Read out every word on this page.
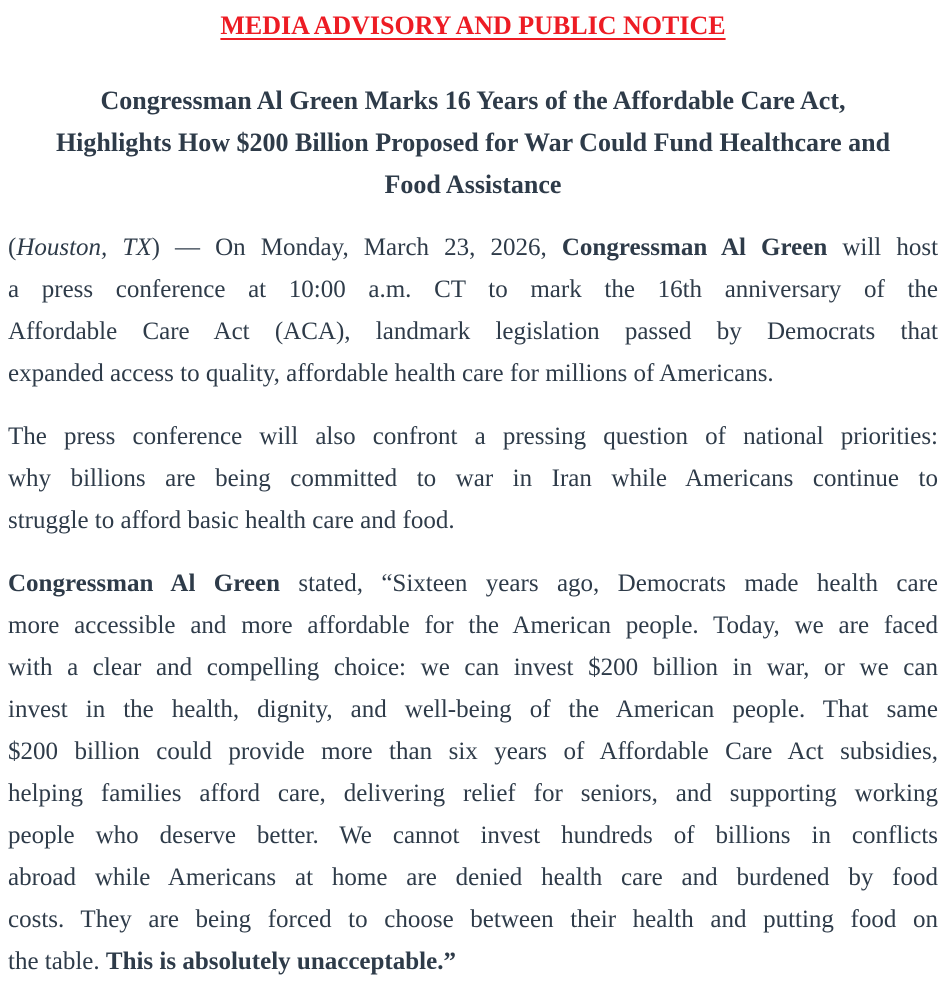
MEDIA ADVISORY AND PUBLIC NOTICE
Congressman Al Green Marks 16 Years of the Affordable Care Act,
Highlights How $200 Billion Proposed for War Could Fund Healthcare and
Food Assistance

(Houston, TX) — On Monday, March 23, 2026, Congressman Al Green will host
a press conference at 10:00 a.m. CT to mark the 16th anniversary of the
Affordable Care Act (ACA), landmark legislation passed by Democrats that
expanded access to quality, affordable health care for millions of Americans.

The press conference will also confront a pressing question of national priorities:
why billions are being committed to war in Iran while Americans continue to
struggle to afford basic health care and food.

Congressman Al Green stated, “Sixteen years ago, Democrats made health care
more accessible and more affordable for the American people. Today, we are faced
with a clear and compelling choice: we can invest $200 billion in war, or we can
invest in the health, dignity, and well-being of the American people. That same
$200 billion could provide more than six years of Affordable Care Act subsidies,
helping families afford care, delivering relief for seniors, and supporting working
people who deserve better. We cannot invest hundreds of billions in conflicts
abroad while Americans at home are denied health care and burdened by food
costs. They are being forced to choose between their health and putting food on
the table. This is absolutely unacceptable.”
